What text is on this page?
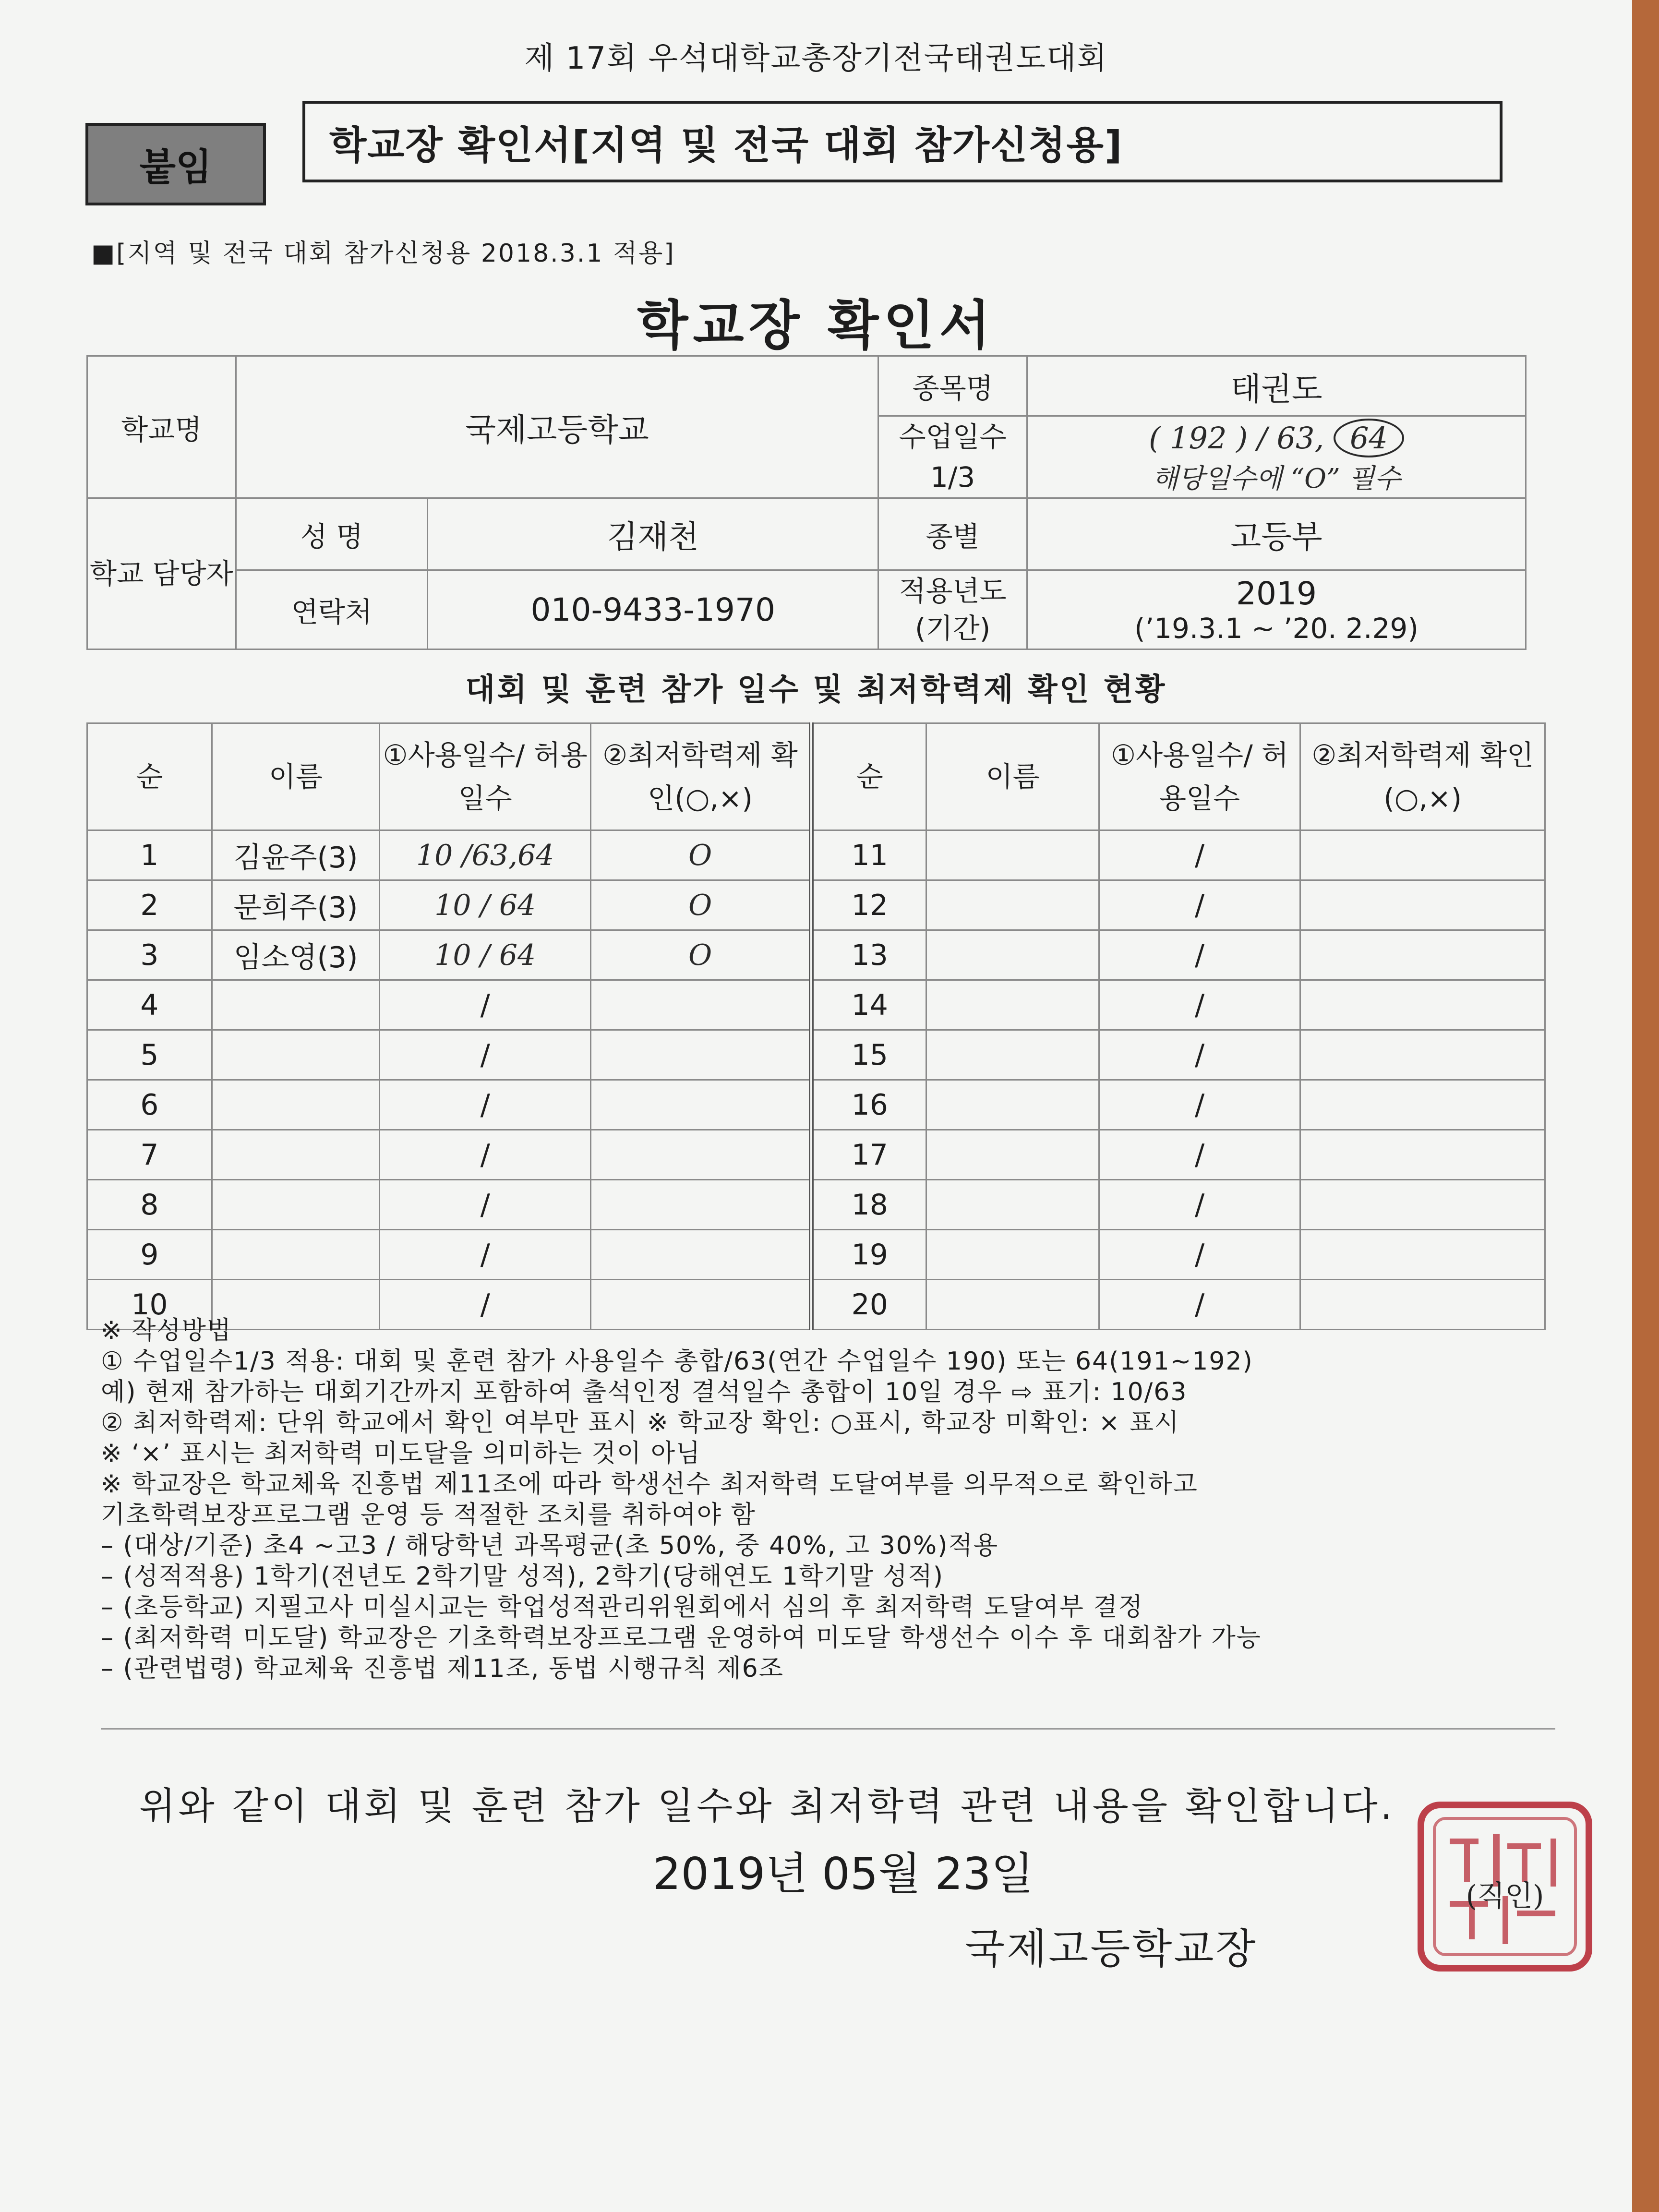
제 17회 우석대학교총장기전국태권도대회
붙임
학교장 확인서[지역 및 전국 대회 참가신청용]
■[지역 및 전국 대회 참가신청용 2018.3.1 적용]
학교장 확인서
학교명	국제고등학교		종목명	태권도
			수업일수 1/3	( 192 ) / 63, 64
해당일수에 “O” 필수

학교 담당자	성 명	김재천	종별	고등부
	연락처	010-9433-1970	적용년도 (기간)	2019
(’19.3.1 ~ ’20. 2.29)
대회 및 훈련 참가 일수 및 최저학력제 확인 현황
순	이름	①사용일수/ 허용일수	②최저학력제 확인(○,×)	순	이름	①사용일수/ 허용일수	②최저학력제 확인(○,×)
1	김윤주(3)	10 /63,64	O	11		/	
2	문희주(3)	10 / 64	O	12		/	
3	임소영(3)	10 / 64	O	13		/	
4		/		14		/	
5		/		15		/	
6		/		16		/	
7		/		17		/	
8		/		18		/	
9		/		19		/	
10		/		20		/	
※ 작성방법
① 수업일수1/3 적용: 대회 및 훈련 참가 사용일수 총합/63(연간 수업일수 190) 또는 64(191~192)
예) 현재 참가하는 대회기간까지 포함하여 출석인정 결석일수 총합이 10일 경우 ⇨ 표기: 10/63
② 최저학력제: 단위 학교에서 확인 여부만 표시 ※ 학교장 확인: ○표시, 학교장 미확인: × 표시
※ ‘×’ 표시는 최저학력 미도달을 의미하는 것이 아님
※ 학교장은 학교체육 진흥법 제11조에 따라 학생선수 최저학력 도달여부를 의무적으로 확인하고
기초학력보장프로그램 운영 등 적절한 조치를 취하여야 함
– (대상/기준) 초4 ~고3 / 해당학년 과목평균(초 50%, 중 40%, 고 30%)적용
– (성적적용) 1학기(전년도 2학기말 성적), 2학기(당해연도 1학기말 성적)
– (초등학교) 지필고사 미실시교는 학업성적관리위원회에서 심의 후 최저학력 도달여부 결정
– (최저학력 미도달) 학교장은 기초학력보장프로그램 운영하여 미도달 학생선수 이수 후 대회참가 가능
– (관련법령) 학교체육 진흥법 제11조, 동법 시행규칙 제6조
위와 같이 대회 및 훈련 참가 일수와 최저학력 관련 내용을 확인합니다.
2019년 05월 23일
국제고등학교장
(직인)
